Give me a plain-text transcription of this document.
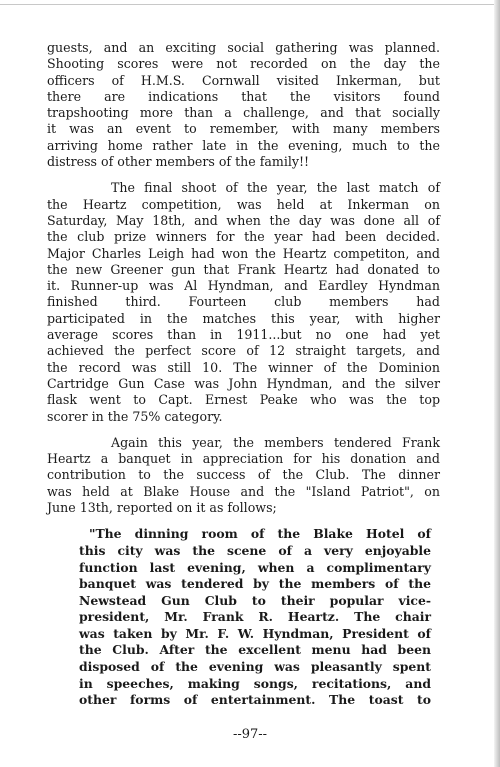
guests, and an exciting social gathering was planned.
Shooting scores were not recorded on the day the
officers of H.M.S. Cornwall visited Inkerman, but
there are indications that the visitors found
trapshooting more than a challenge, and that socially
it was an event to remember, with many members
arriving home rather late in the evening, much to the
distress of other members of the family!!
The final shoot of the year, the last match of
the Heartz competition, was held at Inkerman on
Saturday, May 18th, and when the day was done all of
the club prize winners for the year had been decided.
Major Charles Leigh had won the Heartz competiton, and
the new Greener gun that Frank Heartz had donated to
it. Runner-up was Al Hyndman, and Eardley Hyndman
finished third. Fourteen club members had
participated in the matches this year, with higher
average scores than in 1911...but no one had yet
achieved the perfect score of 12 straight targets, and
the record was still 10. The winner of the Dominion
Cartridge Gun Case was John Hyndman, and the silver
flask went to Capt. Ernest Peake who was the top
scorer in the 75% category.
Again this year, the members tendered Frank
Heartz a banquet in appreciation for his donation and
contribution to the success of the Club. The dinner
was held at Blake House and the "Island Patriot", on
June 13th, reported on it as follows;
"The dinning room of the Blake Hotel of
this city was the scene of a very enjoyable
function last evening, when a complimentary
banquet was tendered by the members of the
Newstead Gun Club to their popular vice-
president, Mr. Frank R. Heartz. The chair
was taken by Mr. F. W. Hyndman, President of
the Club. After the excellent menu had been
disposed of the evening was pleasantly spent
in speeches, making songs, recitations, and
other forms of entertainment. The toast to
--97--
